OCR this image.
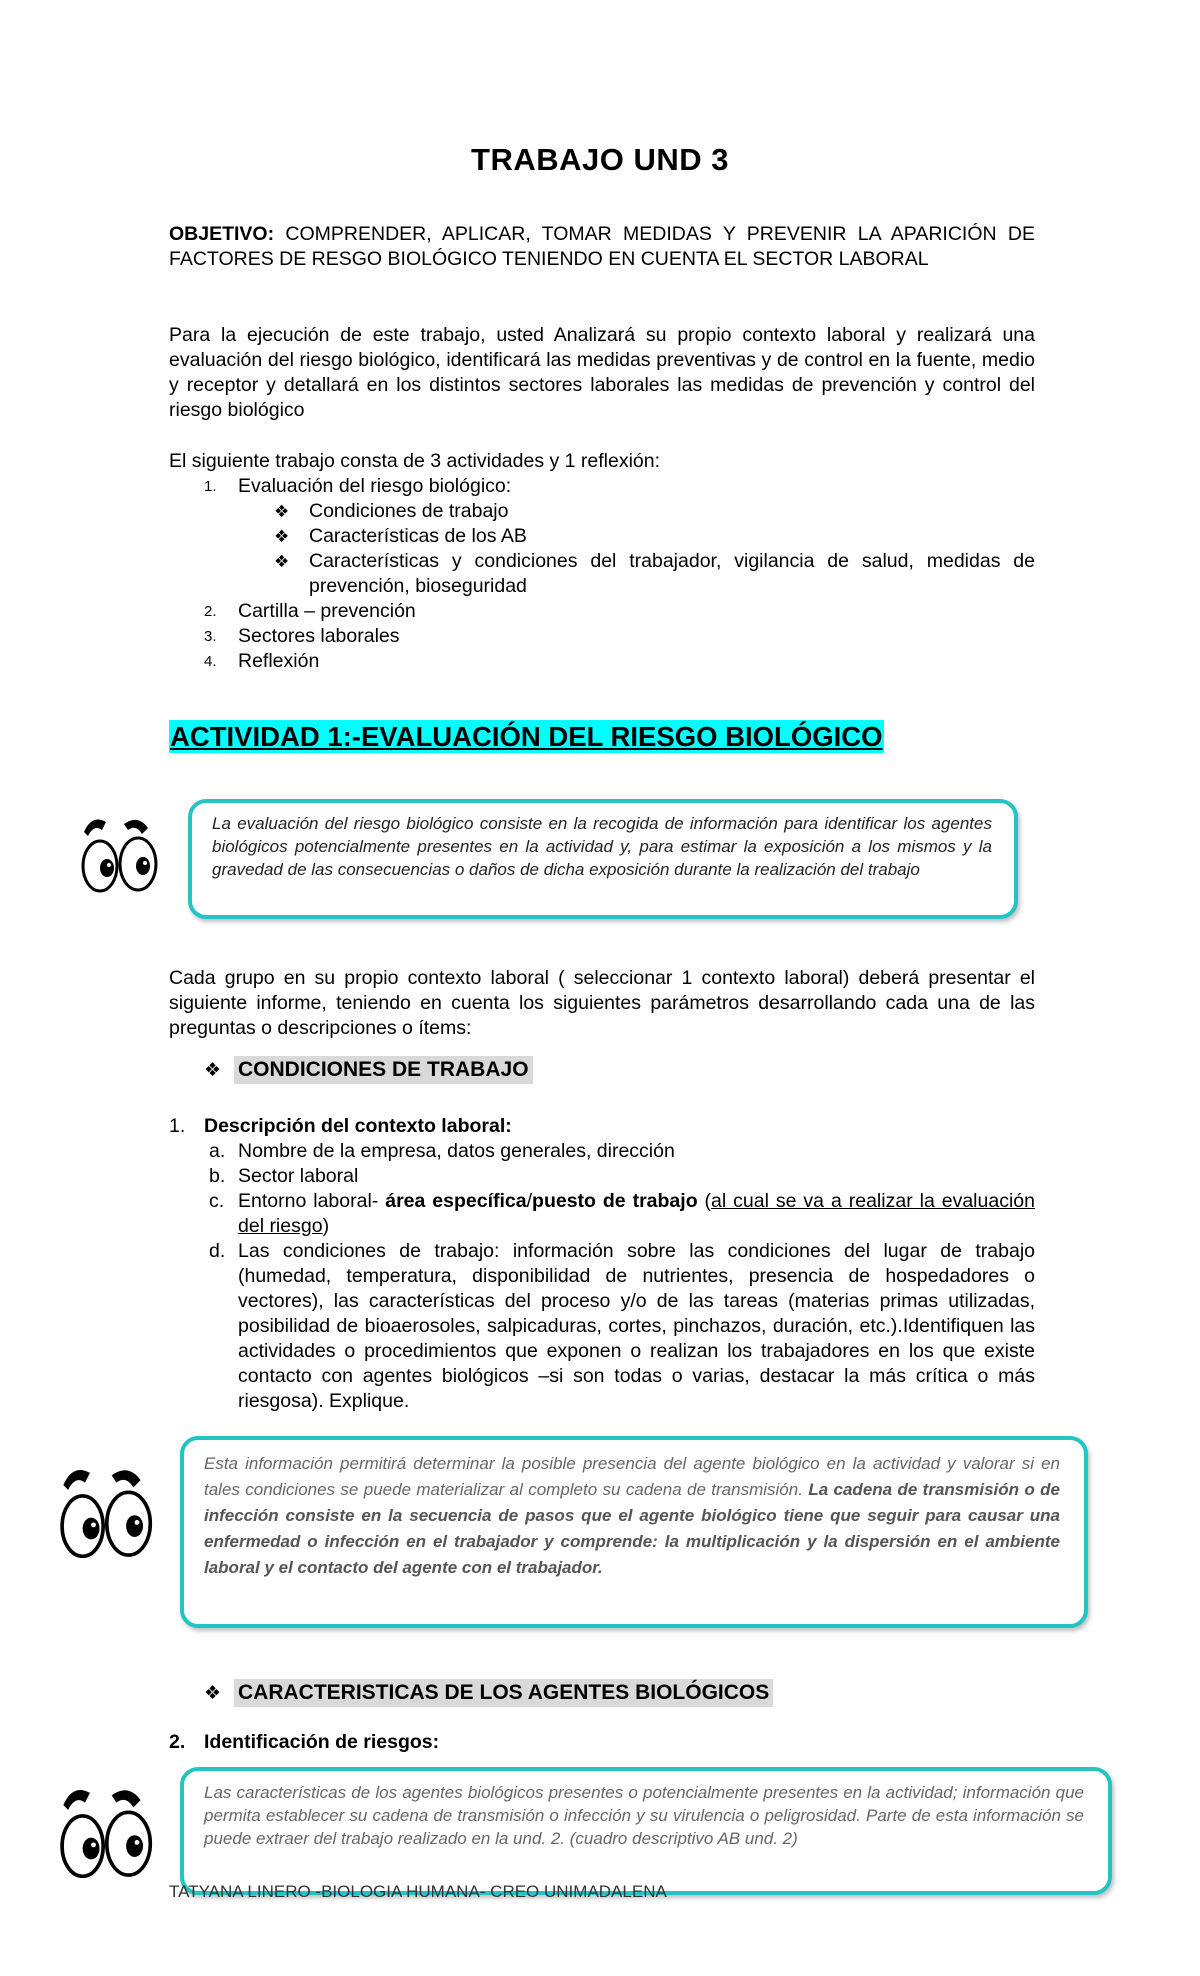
TRABAJO UND 3
OBJETIVO: COMPRENDER, APLICAR, TOMAR MEDIDAS Y PREVENIR LA APARICIÓN DE FACTORES DE RESGO BIOLÓGICO TENIENDO EN CUENTA EL SECTOR LABORAL
Para la ejecución de este trabajo, usted Analizará su propio contexto laboral y realizará una evaluación del riesgo biológico, identificará las medidas preventivas y de control en la fuente, medio y receptor y detallará en los distintos sectores laborales las medidas de prevención y control del riesgo biológico
El siguiente trabajo consta de 3 actividades y 1 reflexión:
1. Evaluación del riesgo biológico:
❖ Condiciones de trabajo
❖ Características de los AB
❖ Características y condiciones del trabajador, vigilancia de salud, medidas de prevención, bioseguridad
2. Cartilla – prevención
3. Sectores laborales
4. Reflexión
ACTIVIDAD 1:-EVALUACIÓN DEL RIESGO BIOLÓGICO
La evaluación del riesgo biológico consiste en la recogida de información para identificar los agentes biológicos potencialmente presentes en la actividad y, para estimar la exposición a los mismos y la gravedad de las consecuencias o daños de dicha exposición durante la realización del trabajo
Cada grupo en su propio contexto laboral ( seleccionar 1 contexto laboral) deberá presentar el siguiente informe, teniendo en cuenta los siguientes parámetros desarrollando cada una de las preguntas o descripciones o ítems:
❖ CONDICIONES DE TRABAJO
1. Descripción del contexto laboral:
a. Nombre de la empresa, datos generales, dirección
b. Sector laboral
c. Entorno laboral- área específica/puesto de trabajo (al cual se va a realizar la evaluación del riesgo)
d. Las condiciones de trabajo: información sobre las condiciones del lugar de trabajo (humedad, temperatura, disponibilidad de nutrientes, presencia de hospedadores o vectores), las características del proceso y/o de las tareas (materias primas utilizadas, posibilidad de bioaerosoles, salpicaduras, cortes, pinchazos, duración, etc.).Identifiquen las actividades o procedimientos que exponen o realizan los trabajadores en los que existe contacto con agentes biológicos –si son todas o varias, destacar la más crítica o más riesgosa). Explique.
Esta información permitirá determinar la posible presencia del agente biológico en la actividad y valorar si en tales condiciones se puede materializar al completo su cadena de transmisión. La cadena de transmisión o de infección consiste en la secuencia de pasos que el agente biológico tiene que seguir para causar una enfermedad o infección en el trabajador y comprende: la multiplicación y la dispersión en el ambiente laboral y el contacto del agente con el trabajador.
❖ CARACTERISTICAS DE LOS AGENTES BIOLÓGICOS
2. Identificación de riesgos:
Las características de los agentes biológicos presentes o potencialmente presentes en la actividad; información que permita establecer su cadena de transmisión o infección y su virulencia o peligrosidad. Parte de esta información se puede extraer del trabajo realizado en la und. 2. (cuadro descriptivo AB und. 2)
TATYANA LINERO -BIOLOGIA HUMANA- CREO UNIMADALENA
